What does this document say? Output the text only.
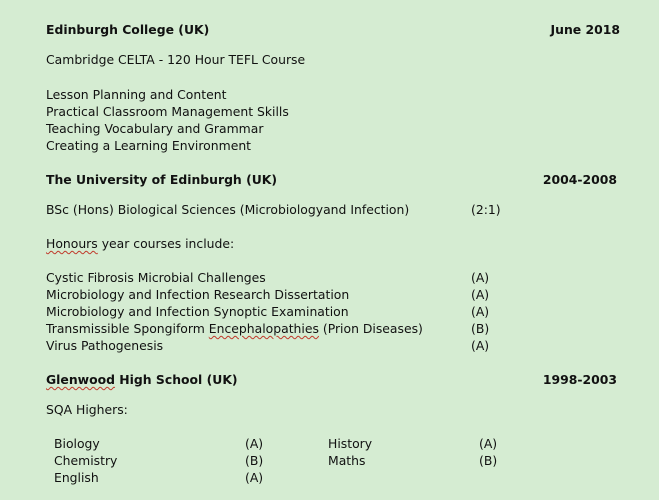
Edinburgh College (UK)	June 2018
Cambridge CELTA - 120 Hour TEFL Course
Lesson Planning and Content
Practical Classroom Management Skills
Teaching Vocabulary and Grammar
Creating a Learning Environment
The University of Edinburgh (UK)	2004-2008
BSc (Hons) Biological Sciences (Microbiologyand Infection)	(2:1)
Honours year courses include:
Cystic Fibrosis Microbial Challenges	(A)
Microbiology and Infection Research Dissertation	(A)
Microbiology and Infection Synoptic Examination	(A)
Transmissible Spongiform Encephalopathies (Prion Diseases)	(B)
Virus Pathogenesis	(A)
Glenwood High School (UK)	1998-2003
SQA Highers:
Biology	(A)	History	(A)
Chemistry	(B)	Maths	(B)
English	(A)
